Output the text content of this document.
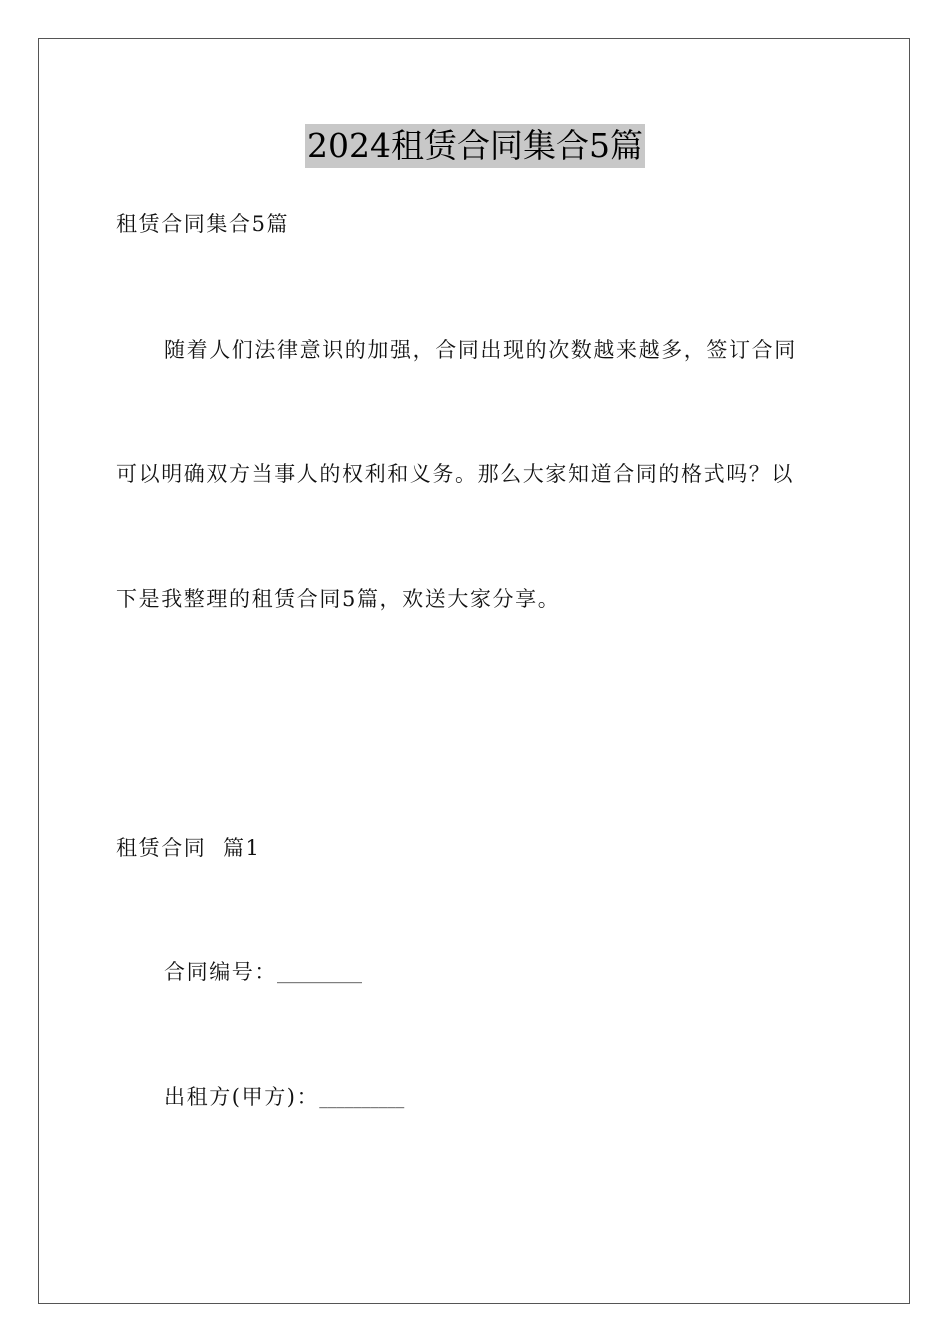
2024租赁合同集合5篇
租赁合同集合5篇
随着人们法律意识的加强，合同出现的次数越来越多，签订合同
可以明确双方当事人的权利和义务。那么大家知道合同的格式吗？以
下是我整理的租赁合同5篇，欢送大家分享。
租赁合同  篇1
合同编号：__________
出租方(甲方)：__________
